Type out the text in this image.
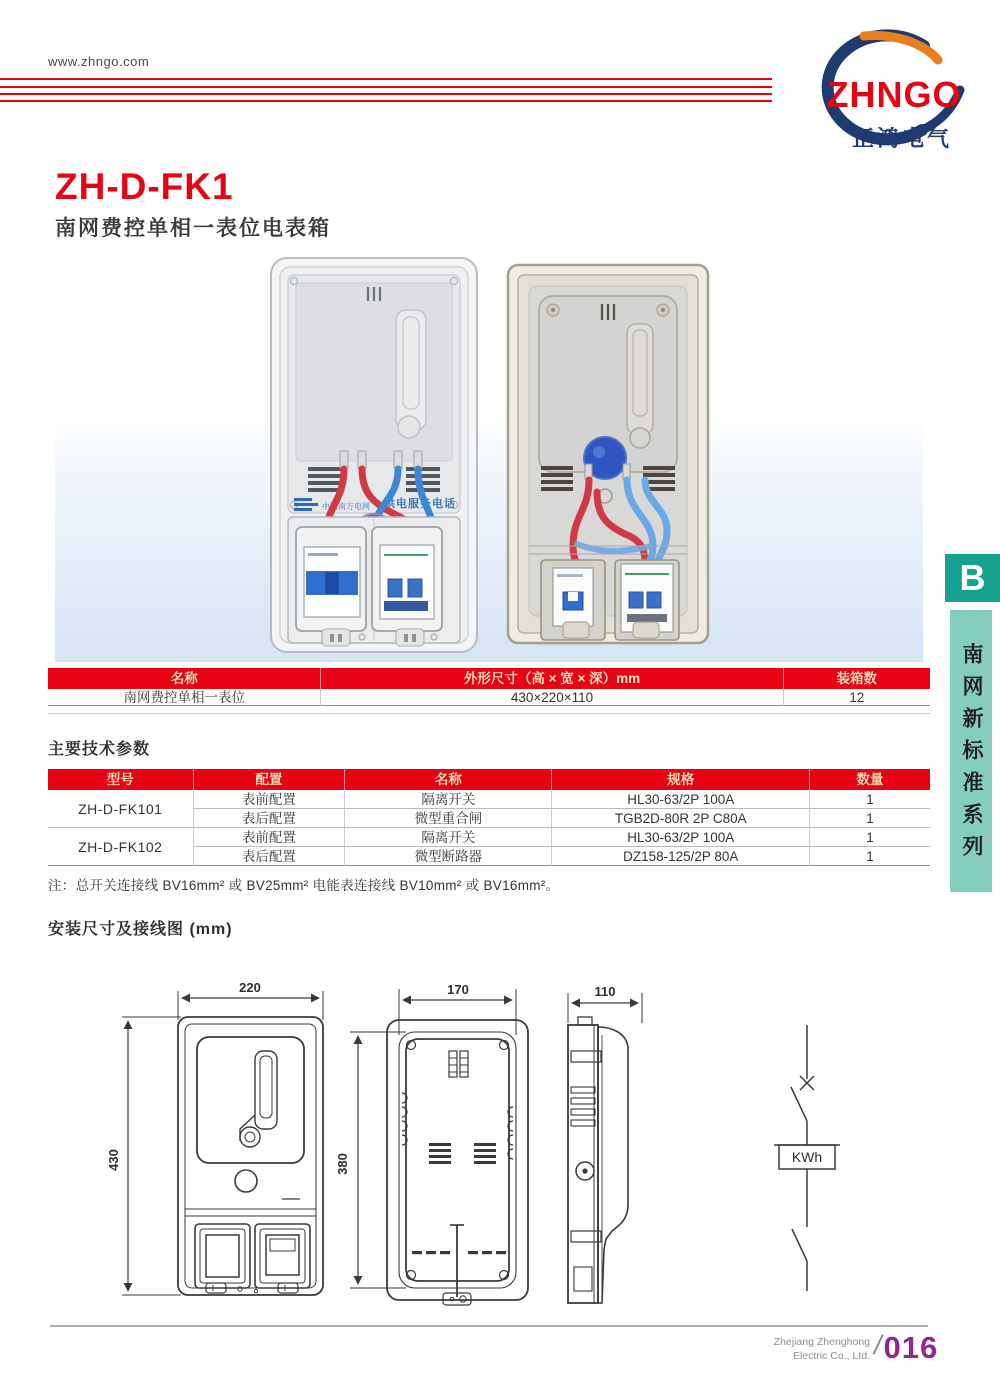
www.zhngo.com
ZHNGO
正鸿电气
ZH-D-FK1
南网费控单相一表位电表箱
中国南方电网 供电服务电话
名称	外形尺寸（高 × 宽 × 深）mm	装箱数
南网费控单相一表位	430×220×110	12
主要技术参数
型号	配置	名称	规格	数量
ZH-D-FK101
表前配置	隔离开关	HL30-63/2P 100A	1
表后配置	微型重合闸	TGB2D-80R 2P C80A	1
ZH-D-FK102
表前配置	隔离开关	HL30-63/2P 100A	1
表后配置	微型断路器	DZ158-125/2P 80A	1
注：总开关连接线 BV16mm² 或 BV25mm² 电能表连接线 BV10mm² 或 BV16mm²。
安装尺寸及接线图 (mm)
220
430
170
380
110
KWh
B
南网新标准系列
Zhejiang Zhenghong
Electric Co., Ltd. / 016
